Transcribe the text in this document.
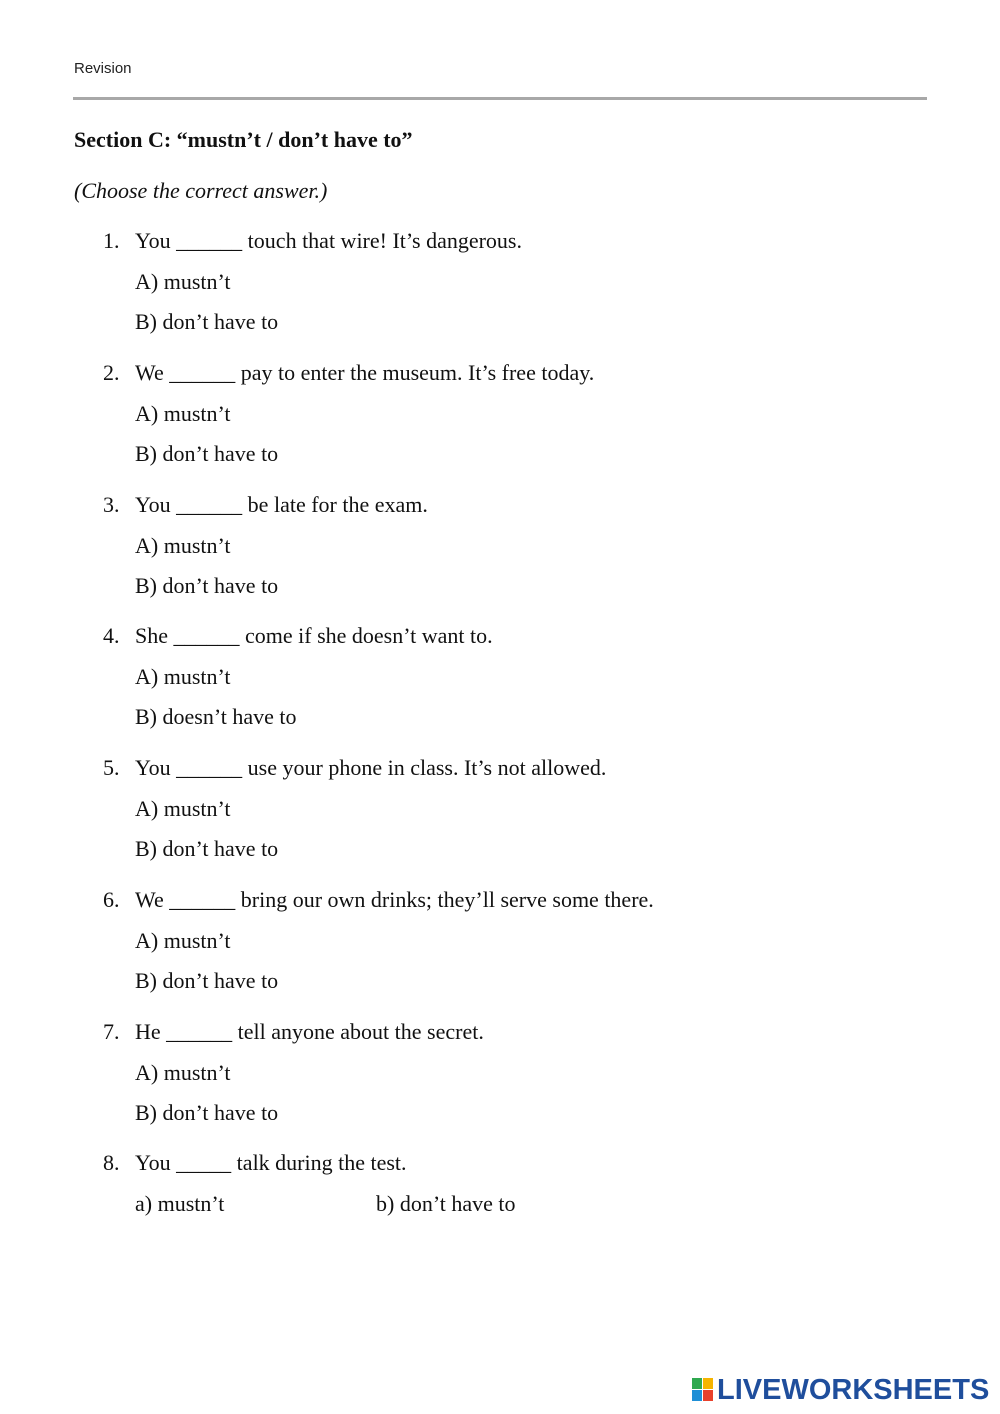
Revision
Section C: “mustn’t / don’t have to”
(Choose the correct answer.)
1. You ______ touch that wire! It’s dangerous.
A) mustn’t
B) don’t have to
2. We ______ pay to enter the museum. It’s free today.
A) mustn’t
B) don’t have to
3. You ______ be late for the exam.
A) mustn’t
B) don’t have to
4. She ______ come if she doesn’t want to.
A) mustn’t
B) doesn’t have to
5. You ______ use your phone in class. It’s not allowed.
A) mustn’t
B) don’t have to
6. We ______ bring our own drinks; they’ll serve some there.
A) mustn’t
B) don’t have to
7. He ______ tell anyone about the secret.
A) mustn’t
B) don’t have to
8. You _____ talk during the test.
a) mustn’t	b) don’t have to
LIVEWORKSHEETS
